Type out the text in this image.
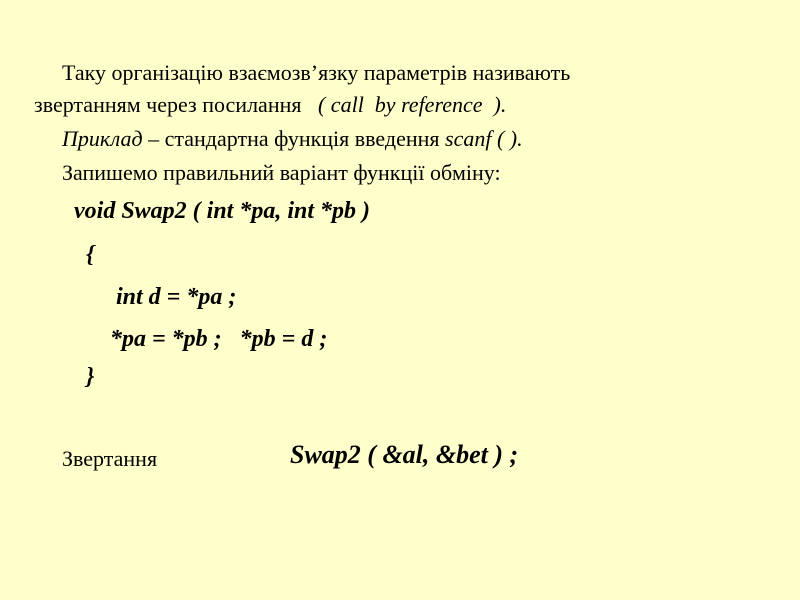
Таку організацію взаємозв’язку параметрів називають
звертанням через посилання ( call  by reference  ).
Приклад – стандартна функція введення scanf ( ).
Запишемо правильний варіант функції обміну:
void Swap2 ( int *pa, int *pb )
{
int d = *pa ;
*pa = *pb ;   *pb = d ;
}
Звертання	Swap2 ( &al, &bet ) ;
